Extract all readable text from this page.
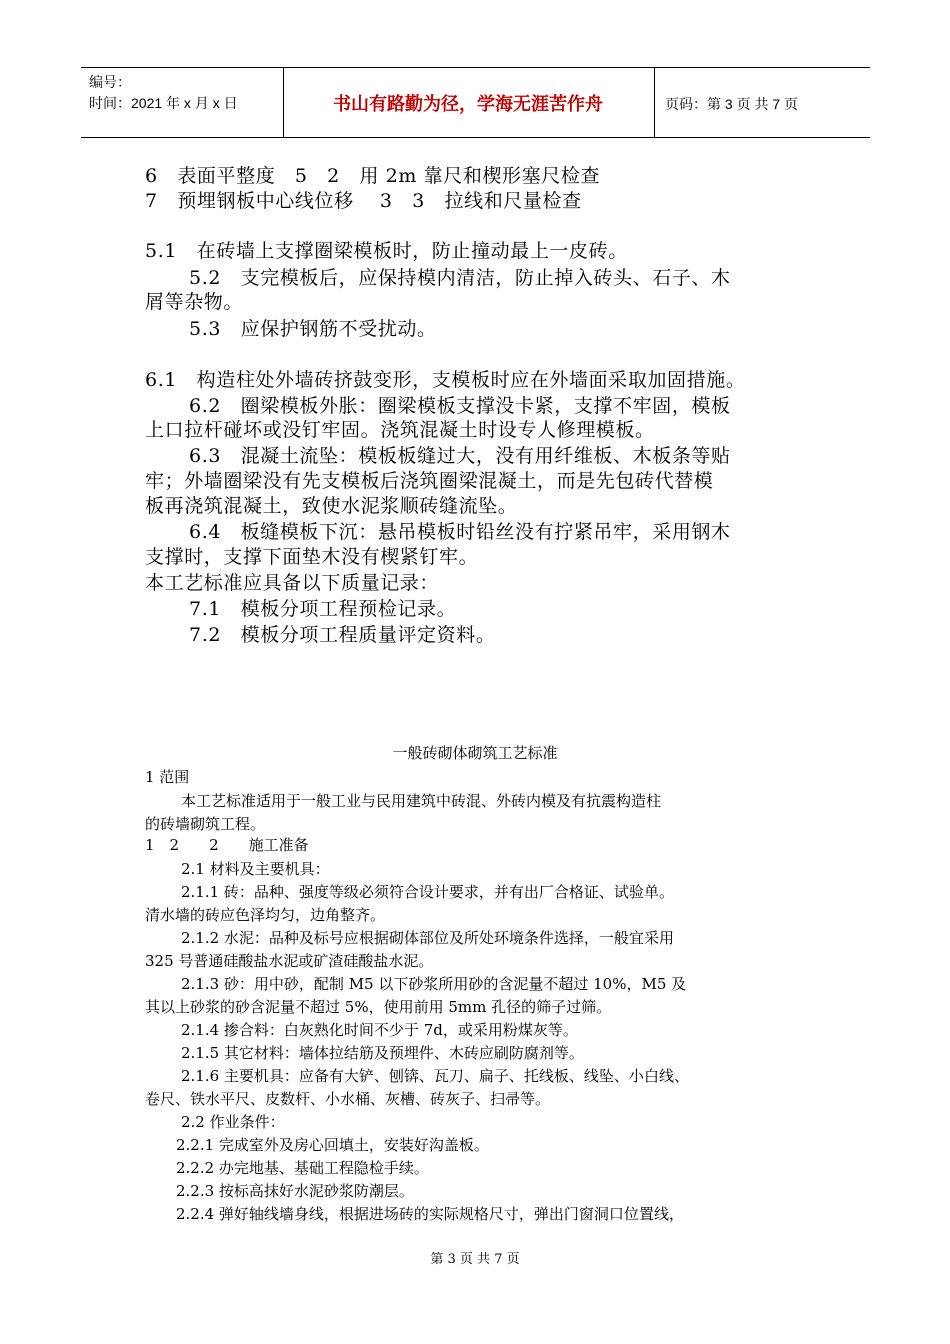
编号：
时间：2021 年 x 月 x 日	书山有路勤为径，学海无涯苦作舟	页码：第 3 页 共 7 页
6　表面平整度　5　2　用 2m 靠尺和楔形塞尺检查
7　预埋钢板中心线位移　 3　3　拉线和尺量检查
5.1　在砖墙上支撑圈梁模板时，防止撞动最上一皮砖。
5.2　支完模板后，应保持模内清洁，防止掉入砖头、石子、木
屑等杂物。
5.3　应保护钢筋不受扰动。
6.1　构造柱处外墙砖挤鼓变形，支模板时应在外墙面采取加固措施。
6.2　圈梁模板外胀：圈梁模板支撑没卡紧，支撑不牢固，模板
上口拉杆碰坏或没钉牢固。浇筑混凝土时设专人修理模板。
6.3　混凝土流坠：模板板缝过大，没有用纤维板、木板条等贴
牢；外墙圈梁没有先支模板后浇筑圈梁混凝土，而是先包砖代替模
板再浇筑混凝土，致使水泥浆顺砖缝流坠。
6.4　板缝模板下沉：悬吊模板时铅丝没有拧紧吊牢，采用钢木
支撑时，支撑下面垫木没有楔紧钉牢。
本工艺标准应具备以下质量记录：
7.1　模板分项工程预检记录。
7.2　模板分项工程质量评定资料。
一般砖砌体砌筑工艺标准
1 范围
本工艺标准适用于一般工业与民用建筑中砖混、外砖内模及有抗震构造柱
的砖墙砌筑工程。
1　2　　2　　施工准备
2.1 材料及主要机具：
2.1.1 砖：品种、强度等级必须符合设计要求，并有出厂合格证、试验单。
清水墙的砖应色泽均匀，边角整齐。
2.1.2 水泥：品种及标号应根据砌体部位及所处环境条件选择，一般宜采用
325 号普通硅酸盐水泥或矿渣硅酸盐水泥。
2.1.3 砂：用中砂，配制 M5 以下砂浆所用砂的含泥量不超过 10%，M5 及
其以上砂浆的砂含泥量不超过 5%，使用前用 5mm 孔径的筛子过筛。
2.1.4 掺合料：白灰熟化时间不少于 7d，或采用粉煤灰等。
2.1.5 其它材料：墙体拉结筋及预埋件、木砖应刷防腐剂等。
2.1.6 主要机具：应备有大铲、刨锛、瓦刀、扁子、托线板、线坠、小白线、
卷尺、铁水平尺、皮数杆、小水桶、灰槽、砖灰子、扫帚等。
2.2 作业条件：
2.2.1 完成室外及房心回填土，安装好沟盖板。
2.2.2 办完地基、基础工程隐检手续。
2.2.3 按标高抹好水泥砂浆防潮层。
2.2.4 弹好轴线墙身线，根据进场砖的实际规格尺寸，弹出门窗洞口位置线，
第 3 页 共 7 页
